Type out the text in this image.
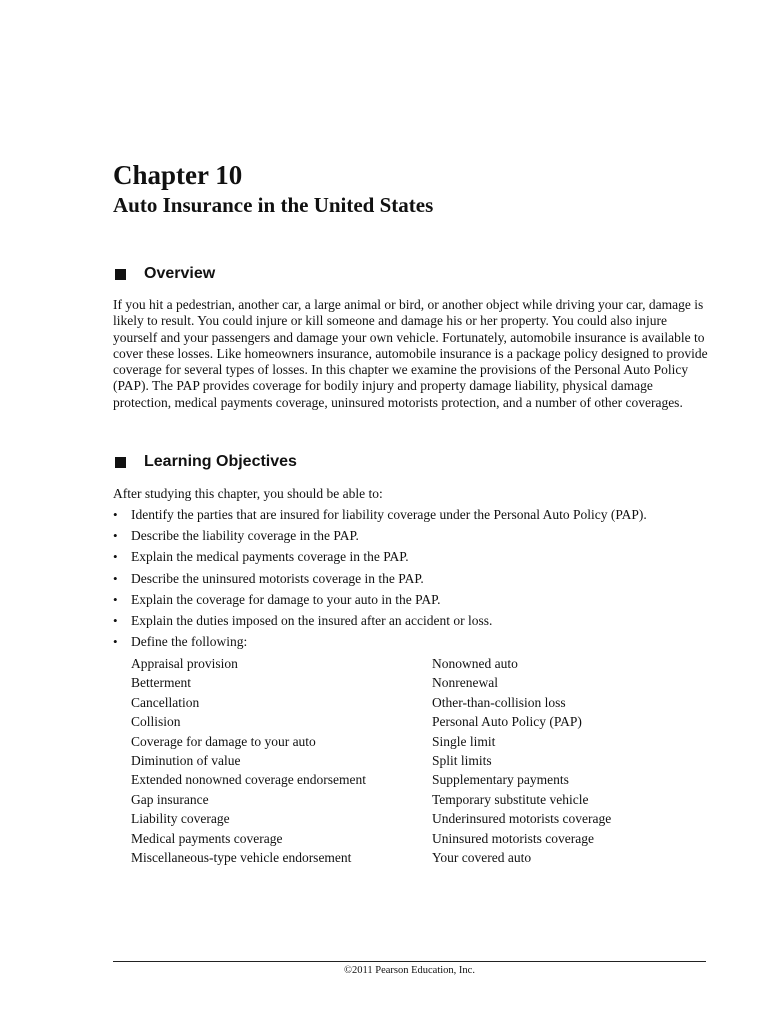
Chapter 10
Auto Insurance in the United States
Overview

If you hit a pedestrian, another car, a large animal or bird, or another object while driving your car, damage is likely to result. You could injure or kill someone and damage his or her property. You could also injure yourself and your passengers and damage your own vehicle. Fortunately, automobile insurance is available to cover these losses. Like homeowners insurance, automobile insurance is a package policy designed to provide coverage for several types of losses. In this chapter we examine the provisions of the Personal Auto Policy (PAP). The PAP provides coverage for bodily injury and property damage liability, physical damage protection, medical payments coverage, uninsured motorists protection, and a number of other coverages.

Learning Objectives

After studying this chapter, you should be able to:

• Identify the parties that are insured for liability coverage under the Personal Auto Policy (PAP).
• Describe the liability coverage in the PAP.
• Explain the medical payments coverage in the PAP.
• Describe the uninsured motorists coverage in the PAP.
• Explain the coverage for damage to your auto in the PAP.
• Explain the duties imposed on the insured after an accident or loss.
• Define the following:
Appraisal provision
Betterment
Cancellation
Collision
Coverage for damage to your auto
Diminution of value
Extended nonowned coverage endorsement
Gap insurance
Liability coverage
Medical payments coverage
Miscellaneous-type vehicle endorsement
Nonowned auto
Nonrenewal
Other-than-collision loss
Personal Auto Policy (PAP)
Single limit
Split limits
Supplementary payments
Temporary substitute vehicle
Underinsured motorists coverage
Uninsured motorists coverage
Your covered auto
©2011 Pearson Education, Inc.
